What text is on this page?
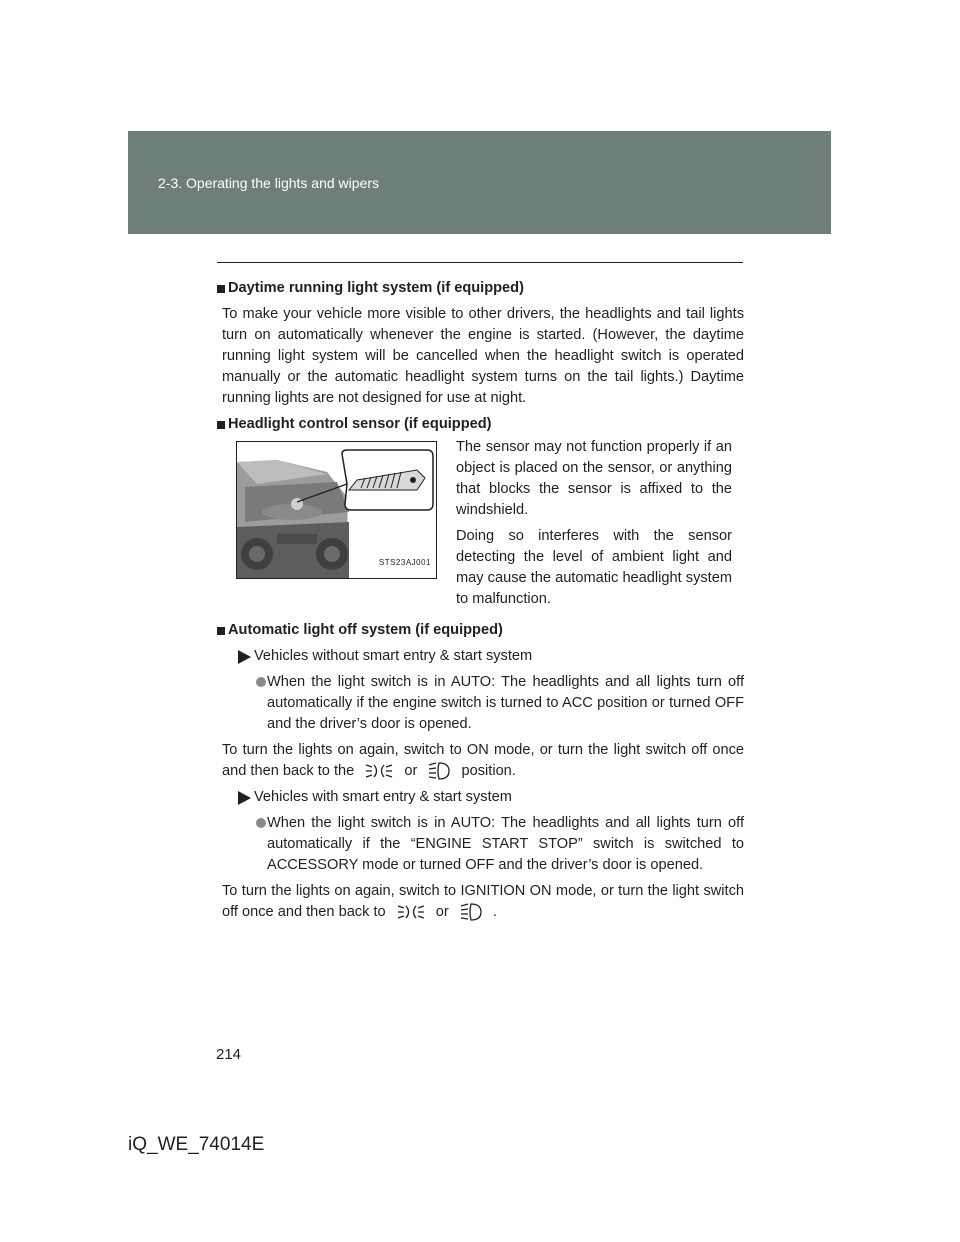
2-3. Operating the lights and wipers
Daytime running light system (if equipped)

To make your vehicle more visible to other drivers, the headlights and tail lights turn on automatically whenever the engine is started. (However, the daytime running light system will be cancelled when the headlight switch is operated manually or the automatic headlight system turns on the tail lights.) Daytime running lights are not designed for use at night.

Headlight control sensor (if equipped)
STS23AJ001

The sensor may not function properly if an object is placed on the sensor, or anything that blocks the sensor is affixed to the windshield.

Doing so interferes with the sensor detecting the level of ambient light and may cause the automatic headlight system to malfunction.

Automatic light off system (if equipped)
Vehicles without smart entry & start system
When the light switch is in AUTO: The headlights and all lights turn off automatically if the engine switch is turned to ACC position or turned OFF and the driver’s door is opened.

To turn the lights on again, switch to ON mode, or turn the light switch off once and then back to the	or	position.

Vehicles with smart entry & start system
When the light switch is in AUTO: The headlights and all lights turn off automatically if the “ENGINE START STOP” switch is switched to ACCESSORY mode or turned OFF and the driver’s door is opened.

To turn the lights on again, switch to IGNITION ON mode, or turn the light switch off once and then back to	or	.

214
iQ_WE_74014E
